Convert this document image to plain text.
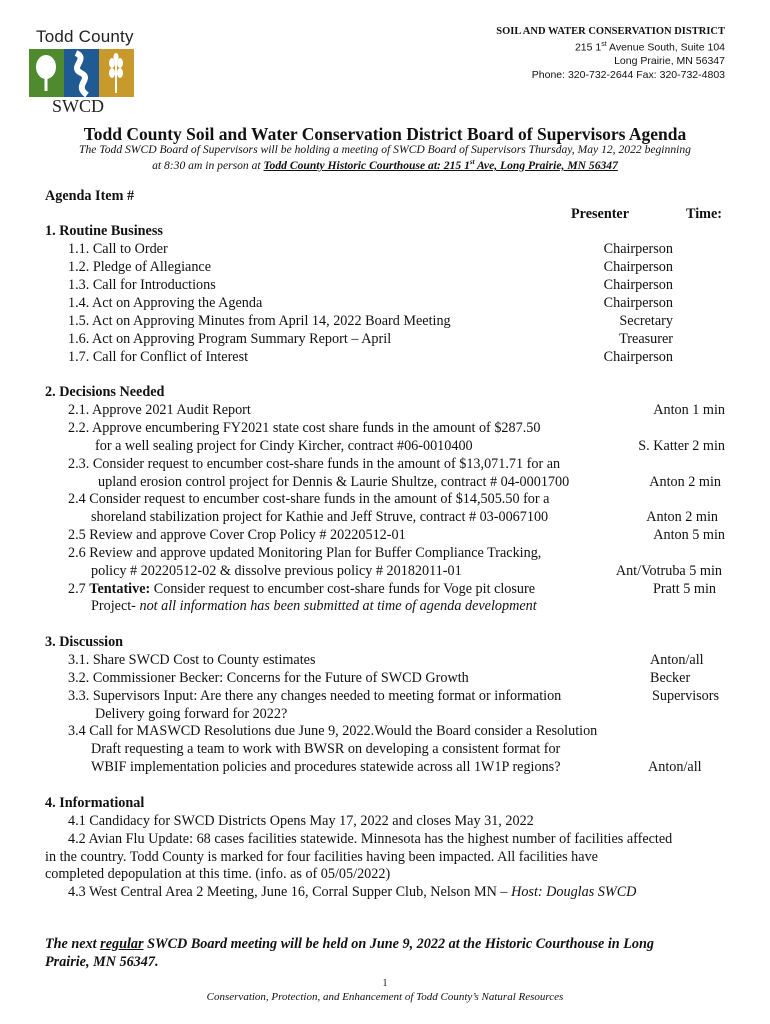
Todd County
SWCD
SOIL AND WATER CONSERVATION DISTRICT
215 1st Avenue South, Suite 104
Long Prairie, MN 56347
Phone: 320-732-2644 Fax: 320-732-4803
Todd County Soil and Water Conservation District Board of Supervisors Agenda
The Todd SWCD Board of Supervisors will be holding a meeting of SWCD Board of Supervisors Thursday, May 12, 2022 beginning
at 8:30 am in person at Todd County Historic Courthouse at: 215 1st Ave, Long Prairie, MN 56347
Agenda Item #
Presenter	Time:
1. Routine Business
1.1. Call to Order	Chairperson
1.2. Pledge of Allegiance	Chairperson
1.3. Call for Introductions	Chairperson
1.4. Act on Approving the Agenda	Chairperson
1.5. Act on Approving Minutes from April 14, 2022 Board Meeting	Secretary
1.6. Act on Approving Program Summary Report – April	Treasurer
1.7. Call for Conflict of Interest	Chairperson
2. Decisions Needed
2.1. Approve 2021 Audit Report	Anton 1 min
2.2. Approve encumbering FY2021 state cost share funds in the amount of $287.50
for a well sealing project for Cindy Kircher, contract #06-0010400	S. Katter 2 min
2.3. Consider request to encumber cost-share funds in the amount of $13,071.71 for an
upland erosion control project for Dennis & Laurie Shultze, contract # 04-0001700	Anton 2 min
2.4 Consider request to encumber cost-share funds in the amount of $14,505.50 for a
shoreland stabilization project for Kathie and Jeff Struve, contract # 03-0067100	Anton 2 min
2.5 Review and approve Cover Crop Policy # 20220512-01	Anton 5 min
2.6 Review and approve updated Monitoring Plan for Buffer Compliance Tracking,
policy # 20220512-02 & dissolve previous policy # 20182011-01	Ant/Votruba 5 min
2.7 Tentative: Consider request to encumber cost-share funds for Voge pit closure	Pratt 5 min
Project- not all information has been submitted at time of agenda development
3. Discussion
3.1. Share SWCD Cost to County estimates	Anton/all
3.2. Commissioner Becker: Concerns for the Future of SWCD Growth	Becker
3.3. Supervisors Input: Are there any changes needed to meeting format or information	Supervisors
Delivery going forward for 2022?
3.4 Call for MASWCD Resolutions due June 9, 2022.Would the Board consider a Resolution
Draft requesting a team to work with BWSR on developing a consistent format for
WBIF implementation policies and procedures statewide across all 1W1P regions?	Anton/all
4. Informational
4.1 Candidacy for SWCD Districts Opens May 17, 2022 and closes May 31, 2022
4.2 Avian Flu Update: 68 cases facilities statewide. Minnesota has the highest number of facilities affected
in the country. Todd County is marked for four facilities having been impacted. All facilities have
completed depopulation at this time. (info. as of 05/05/2022)
4.3 West Central Area 2 Meeting, June 16, Corral Supper Club, Nelson MN – Host: Douglas SWCD
The next regular SWCD Board meeting will be held on June 9, 2022 at the Historic Courthouse in Long
Prairie, MN 56347.
1
Conservation, Protection, and Enhancement of Todd County’s Natural Resources
